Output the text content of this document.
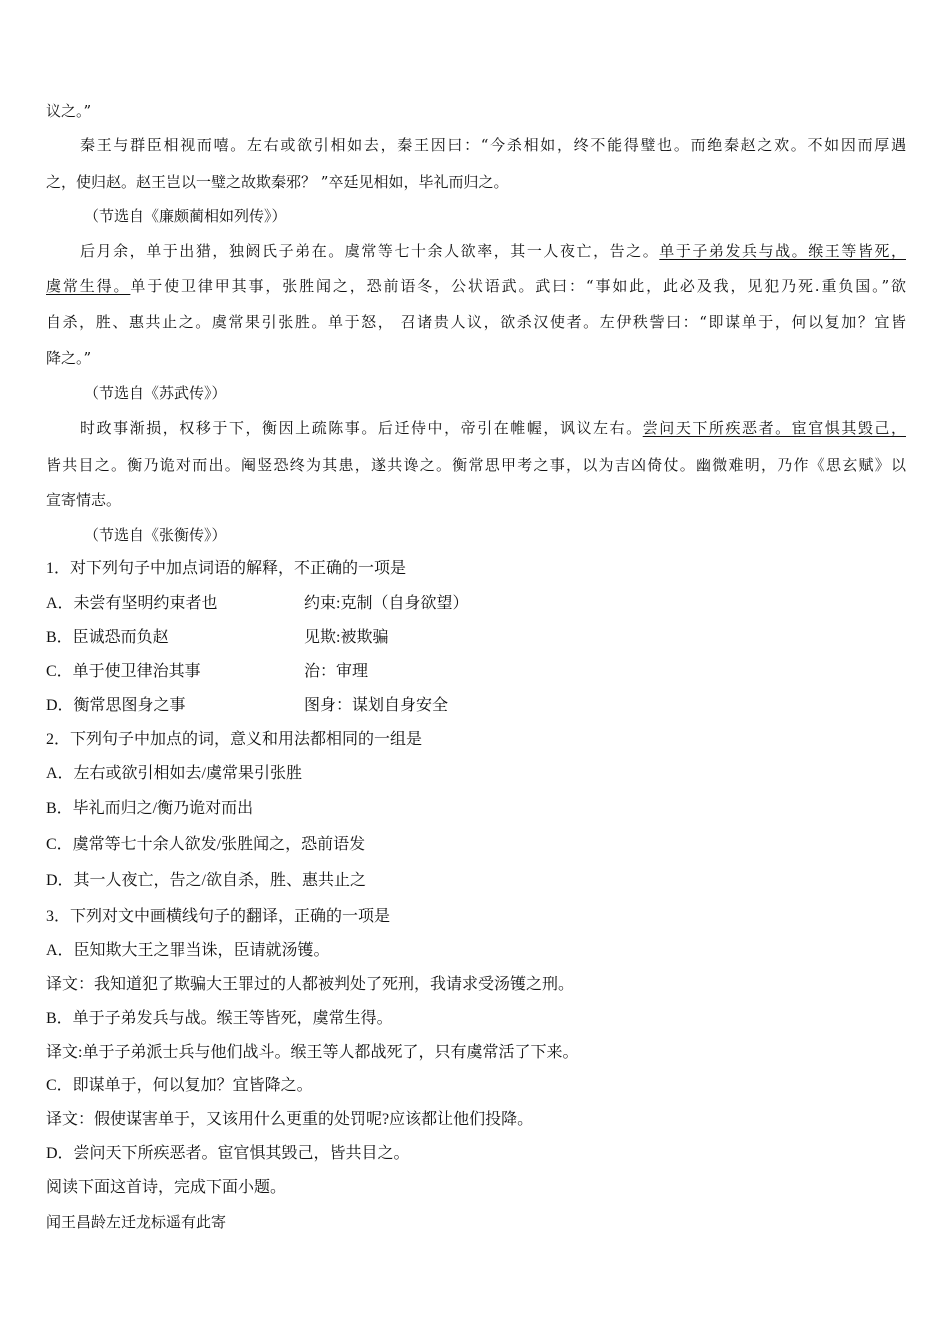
议之。”
秦王与群臣相视而嘻。左右或欲引相如去，秦王因曰：“今杀相如，终不能得璧也。而绝秦赵之欢。不如因而厚遇
之，使归赵。赵王岂以一璧之故欺秦邪？ ”卒廷见相如，毕礼而归之。
（节选自《廉颇蔺相如列传》）
后月余，单于出猎，独阏氏子弟在。虞常等七十余人欲率，其一人夜亡，告之。单于子弟发兵与战。缑王等皆死，
虞常生得。单于使卫律甲其事，张胜闻之，恐前语冬，公状语武。武曰：“事如此，此必及我，见犯乃死.重负国。”欲
自杀，胜、惠共止之。虞常果引张胜。单于怒， 召诸贵人议，欲杀汉使者。左伊秩訾曰：“即谋单于，何以复加？宜皆
降之。”
（节选自《苏武传》）
时政事渐损，权移于下，衡因上疏陈事。后迁侍中，帝引在帷幄，讽议左右。尝问天下所疾恶者。宦官惧其毁己，
皆共目之。衡乃诡对而出。阉竖恐终为其患，遂共谗之。衡常思甲考之事，以为吉凶倚仗。幽微难明，乃作《思玄赋》以
宣寄情志。
（节选自《张衡传》）
1．对下列句子中加点词语的解释，不正确的一项是
A．未尝有坚明约束者也	约束:克制（自身欲望）
B．臣诚恐而负赵	见欺:被欺骗
C．单于使卫律治其事	治：审理
D．衡常思图身之事	图身：谋划自身安全
2．下列句子中加点的词，意义和用法都相同的一组是
A．左右或欲引相如去/虞常果引张胜
B．毕礼而归之/衡乃诡对而出
C．虞常等七十余人欲发/张胜闻之，恐前语发
D．其一人夜亡，告之/欲自杀，胜、惠共止之
3．下列对文中画横线句子的翻译，正确的一项是
A．臣知欺大王之罪当诛，臣请就汤镬。
译文：我知道犯了欺骗大王罪过的人都被判处了死刑，我请求受汤镬之刑。
B．单于子弟发兵与战。缑王等皆死，虞常生得。
译文:单于子弟派士兵与他们战斗。缑王等人都战死了，只有虞常活了下来。
C．即谋单于，何以复加？宜皆降之。
译文：假使谋害单于，又该用什么更重的处罚呢?应该都让他们投降。
D．尝问天下所疾恶者。宦官惧其毁己，皆共目之。
阅读下面这首诗，完成下面小题。
闻王昌龄左迁龙标遥有此寄
